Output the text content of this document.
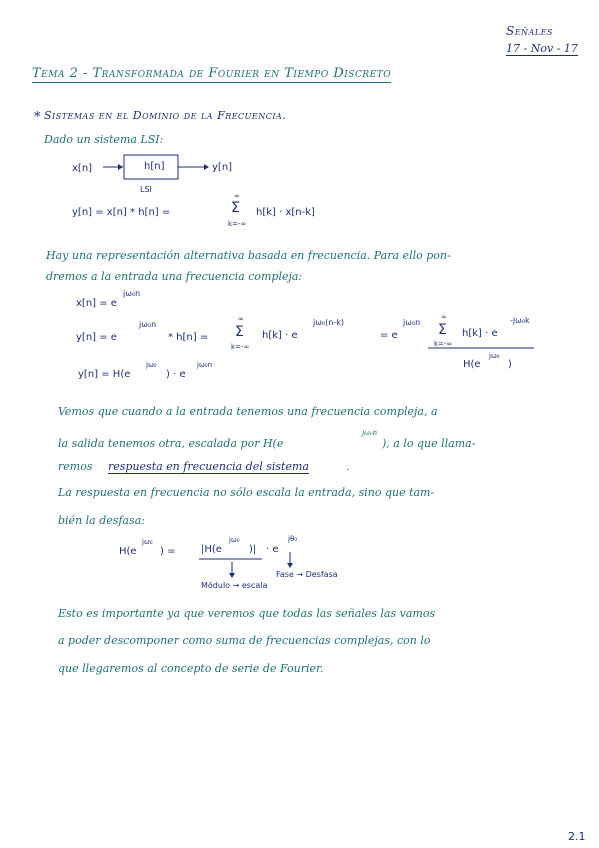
Señales
17 - Nov - 17
Tema 2 - Transformada de Fourier en Tiempo Discreto
* Sistemas en el Dominio de la Frecuencia.
Dado un sistema LSI:
x[n]	h[n]	y[n]
LSI
y[n] = x[n] * h[n] =
∞
Σ
k=-∞
h[k] · x[n-k]
Hay una representación alternativa basada en frecuencia. Para ello pon-
dremos a la entrada una frecuencia compleja:
x[n] = e
jω₀n
y[n] = e
jω₀n
* h[n] =
∞
Σ
k=-∞
h[k] · e
jω₀(n-k)
= e
jω₀n
∞
Σ
k=-∞
h[k] · e
-jω₀k
H(e
jω₀
)
y[n] = H(e
jω₀
) · e
jω₀n
Vemos que cuando a la entrada tenemos una frecuencia compleja, a
la salida tenemos otra, escalada por H(e
jω₀n
), a lo que llama-
remos respuesta en frecuencia del sistema	.
La respuesta en frecuencia no sólo escala la entrada, sino que tam-
bién la desfasa:
H(e
jω₀
) =	|H(e
jω₀
)| · e
jθ₀
Módulo → escala
Fase → Desfasa
Esto es importante ya que veremos que todas las señales las vamos
a poder descomponer como suma de frecuencias complejas, con lo
que llegaremos al concepto de serie de Fourier.
2.1
